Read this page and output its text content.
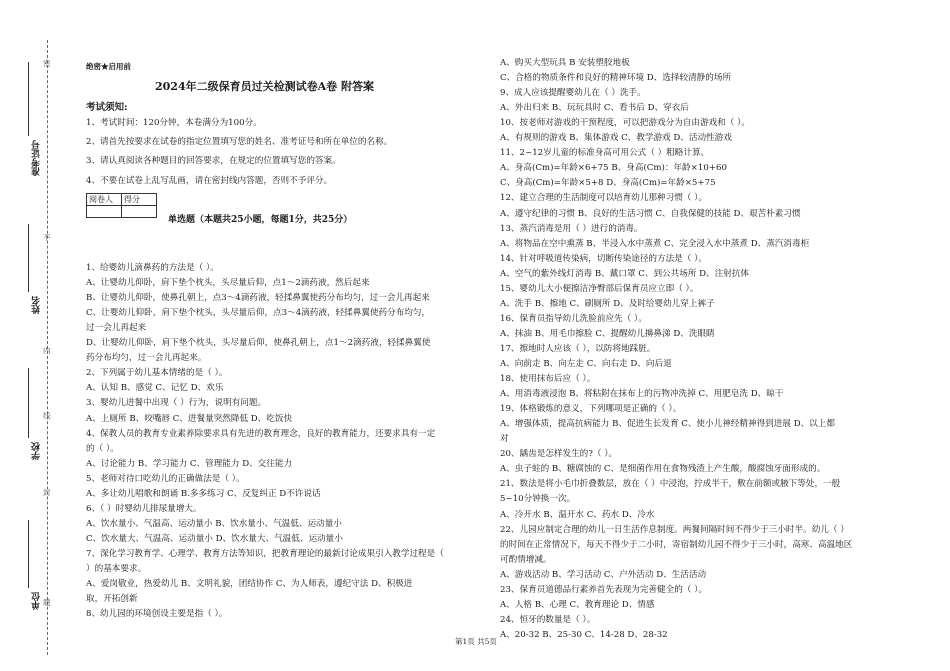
密
不
内
线
封
题
准考证号
姓名
学校
单位
绝密★启用前
2024年二级保育员过关检测试卷A卷 附答案
考试须知:
1、考试时间：120分钟，本卷满分为100分。
2、请首先按要求在试卷的指定位置填写您的姓名、准考证号和所在单位的名称。
3、请认真阅读各种题目的回答要求，在规定的位置填写您的答案。
4、不要在试卷上乱写乱画，请在密封线内答题，否则不予评分。
阅卷人	得分

单选题（本题共25小题，每题1分，共25分）
1、给婴幼儿滴鼻药的方法是（ ）。
A、让婴幼儿仰卧，肩下垫个枕头，头尽量后仰，点1～2滴药液，然后起来
B、让婴幼儿仰卧，使鼻孔朝上，点3～4滴药液，轻揉鼻翼使药分布均匀，过一会儿再起来
C、让婴幼儿仰卧，肩下垫个枕头，头尽量后仰，点3～4滴药液，轻揉鼻翼使药分布均匀，
过一会儿再起来
D、让婴幼儿仰卧，肩下垫个枕头，头尽量后仰，使鼻孔朝上，点1～2滴药液，轻揉鼻翼使
药分布均匀，过一会儿再起来。
2、下列属于幼儿基本情绪的是（ ）。
A、认知 B、感觉 C、记忆 D、欢乐
3、婴幼儿进餐中出现（ ）行为，说明有问题。
A、上厕所 B、咬嘴唇 C、进餐量突然降低 D、吃饭快
4、保教人员的教育专业素养除要求具有先进的教育理念，良好的教育能力，还要求具有一定
的（ ）。
A、讨论能力 B、学习能力 C、管理能力 D、交往能力
5、老师对待口吃幼儿的正确做法是（ ）。
A、多让幼儿唱歌和朗诵 B.多多练习 C、反复纠正 D不许说话
6、（ ）时婴幼儿排尿量增大。
A、饮水量小、气温高、运动量小 B、饮水量小、气温低、运动量小
C、饮水量大、气温高、运动量小 D、饮水量大、气温低、运动量小
7、深化学习教育学、心理学、教育方法等知识，把教育理论的最新讨论成果引入教学过程是（
）的基本要求。
A、爱岗敬业，热爱幼儿 B、文明礼貌，团结协作 C、为人师表，遵纪守法 D、积极进
取，开拓创新
8、幼儿园的环境创设主要是指（ ）。
A、购买大型玩具 B 安装塑胶地板
C、合格的物质条件和良好的精神环境 D、选择较清静的场所
9、成人应该提醒婴幼儿在（ ）洗手。
A、外出归来 B、玩玩具时 C、看书后 D、穿衣后
10、按老师对游戏的干预程度，可以把游戏分为自由游戏和（ ）。
A、有规则的游戏 B、集体游戏 C、教学游戏 D、活动性游戏
11、2~12岁儿童的标准身高可用公式（ ）粗略计算。
A、身高(Cm)=年龄×6+75 B、身高(Cm)：年龄×10+60
C、身高(Cm)=年龄×5+8 D、身高(Cm)=年龄×5+75
12、建立合理的生活制度可以培育幼儿那种习惯（ ）。
A、遵守纪律的习惯 B、良好的生活习惯 C、自我保健的技能 D、艰苦朴素习惯
13、蒸汽消毒是用（ ）进行的消毒。
A、将物品在空中熏蒸 B、半浸入水中蒸煮 C、完全浸入水中蒸煮 D、蒸汽消毒柜
14、针对呼吸道传染病，切断传染途径的方法是（ ）。
A、空气的紫外线灯消毒 B、戴口罩 C、到公共场所 D、注射抗体
15、婴幼儿大小便擦洁净臀部后保育员应立即（ ）。
A、洗手 B、擦地 C、刷厕所 D、及时给婴幼儿穿上裤子
16、保育员指导幼儿洗脸前应先（ ）。
A、抹油 B、用毛巾擦脸 C、提醒幼儿擤鼻涕 D、洗眼睛
17、擦地时人应该（ ），以防将地踩脏。
A、向前走 B、向左走 C、向右走 D、向后退
18、使用抹布后应（ ）。
A、用消毒液浸泡 B、将粘附在抹布上的污物冲洗掉 C、用肥皂洗 D、晾干
19、体格锻炼的意义，下列哪项是正确的（ ）。
A、增强体质，提高抗病能力 B、促进生长发育 C、使小儿神经精神得到进展 D、以上都
对
20、龋齿是怎样发生的?（ ）。
A、虫子蛀的 B、糖腐蚀的 C、是细菌作用在食物残渣上产生酸，酸腐蚀牙面形成的。
21、数法是将小毛巾折叠数层，放在（ ）中浸泡，拧成半干，敷在前额或腋下等处，一般
5~10分钟换一次。
A、冷开水 B、温开水 C、药水 D、冷水
22、儿园应制定合理的幼儿一日生活作息制度。两餐间隔时间不得少于三小时半。幼儿（ ）
的时间在正常情况下，每天不得少于二小时，寄宿制幼儿园不得少于三小时，高寒、高温地区
可酌情增减。
A、游戏活动 B、学习活动 C、户外活动 D、生活活动
23、保育员道德品行素养首先表现为完善健全的（ ）。
A、人格 B、心理 C、教育理论 D、情感
24、恒牙的数量是（ ）。
A、20-32 B、25-30 C、14-28 D、28-32
第1页 共5页
